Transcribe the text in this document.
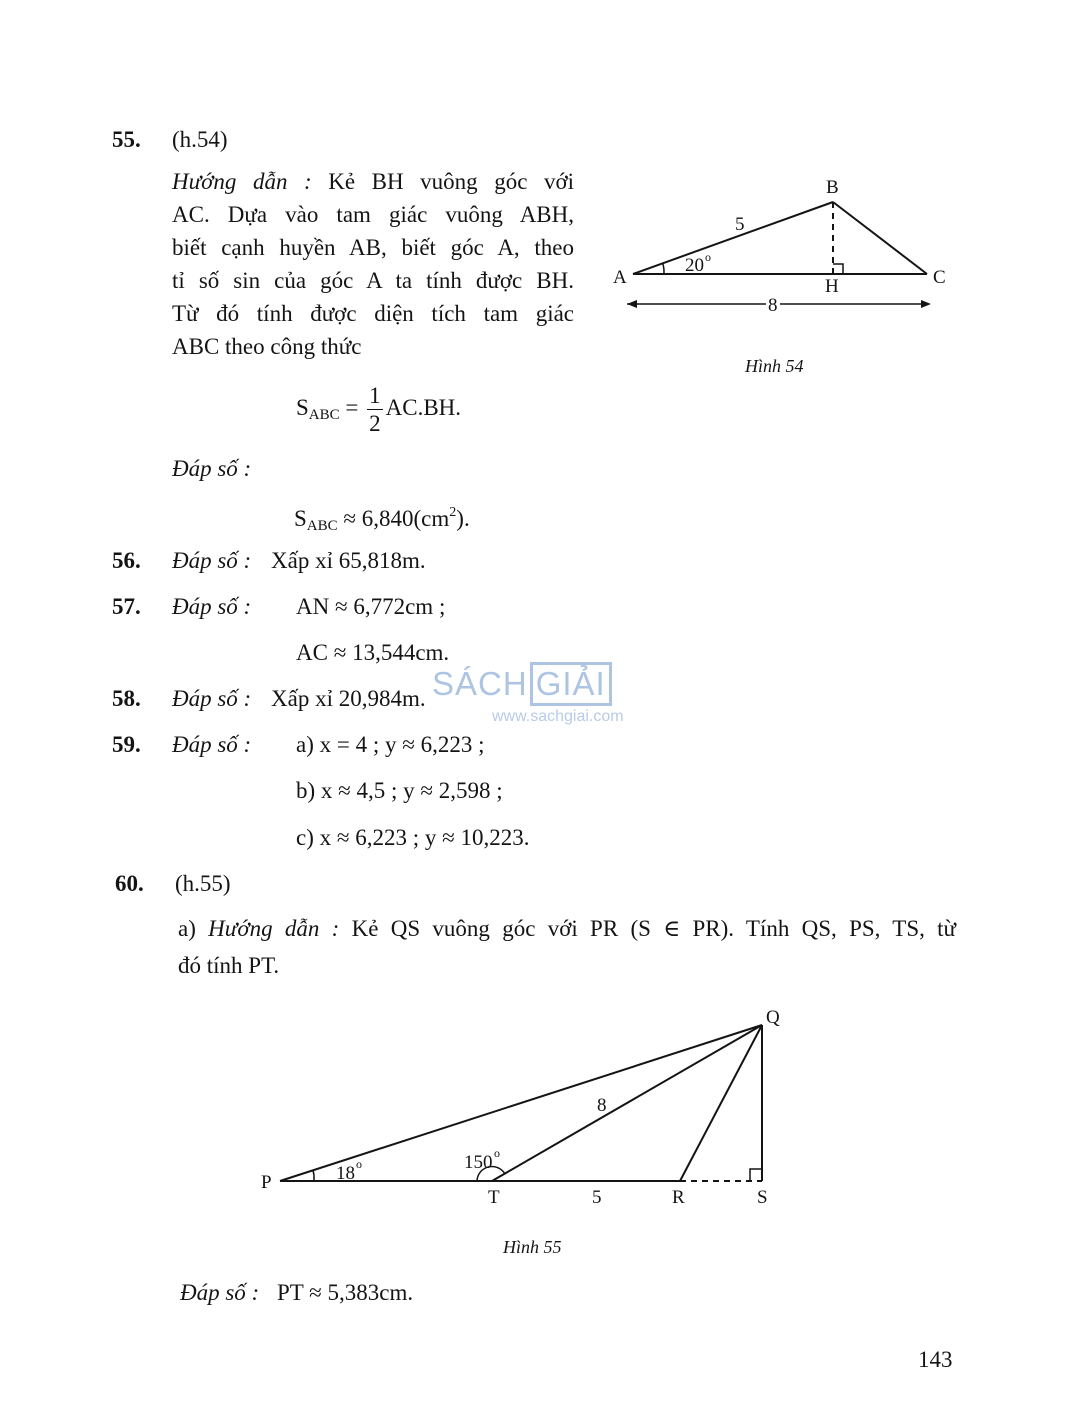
55. (h.54)
Hướng dẫn : Kẻ BH vuông góc với
AC. Dựa vào tam giác vuông ABH,
biết cạnh huyền AB, biết góc A, theo
tỉ số sin của góc A ta tính được BH.
Từ đó tính được diện tích tam giác
ABC theo công thức
$S_{ABC} = \frac{1}{2} AC.BH$.
Đáp số :
$S_{ABC} \approx 6,840(cm^2)$.
A
B
C
H
5
20 o
8
Hình 54
56. Đáp số : Xấp xỉ 65,818m.
57. Đáp số : AN ≈ 6,772cm ;
AC ≈ 13,544cm.
SÁCH GIẢI
www.sachgiai.com
58. Đáp số : Xấp xỉ 20,984m.
59. Đáp số : a) x = 4 ; y ≈ 6,223 ;
b) x ≈ 4,5 ; y ≈ 2,598 ;
c) x ≈ 6,223 ; y ≈ 10,223.
60. (h.55)
a) Hướng dẫn : Kẻ QS vuông góc với PR (S ∈ PR). Tính QS, PS, TS, từ
đó tính PT.
P
Q
T	R	S
18 o	150 o
8
5
Hình 55
Đáp số : PT ≈ 5,383cm.
143
